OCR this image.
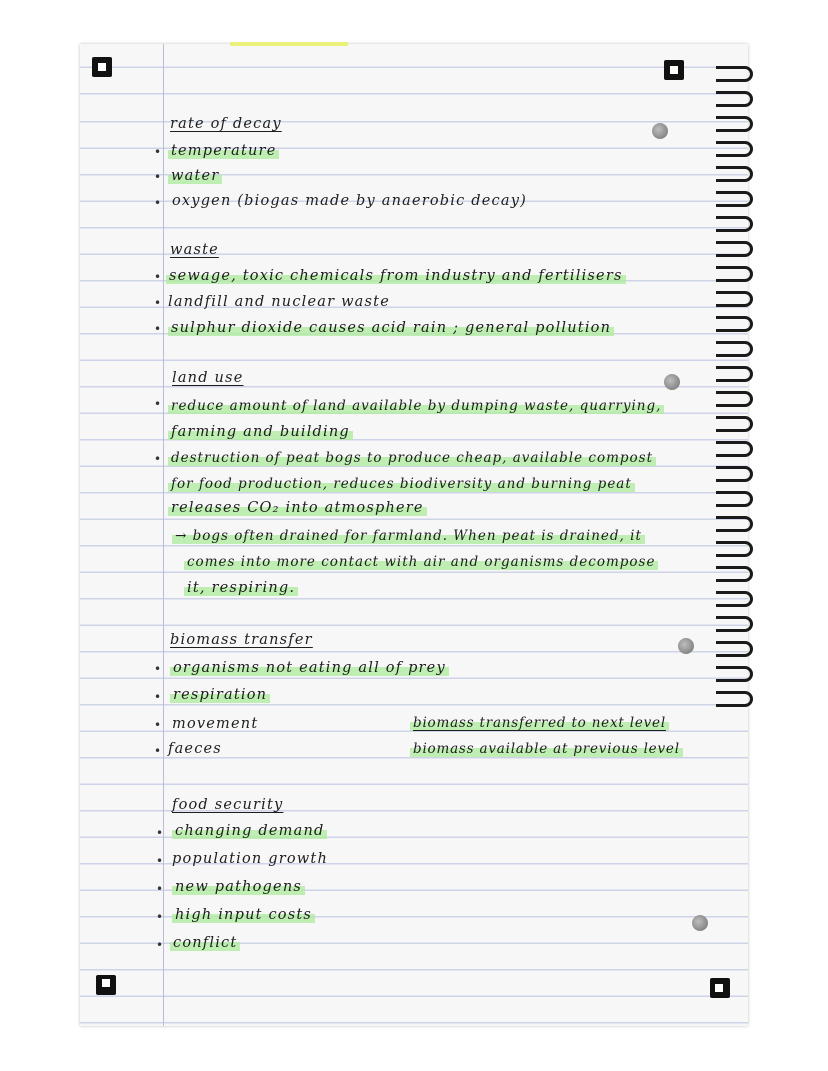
rate of decay
• temperature
• water
• oxygen (biogas made by anaerobic decay)
waste
• sewage, toxic chemicals from industry and fertilisers
• landfill and nuclear waste
• sulphur dioxide causes acid rain ; general pollution
land use
• reduce amount of land available by dumping waste, quarrying,
farming and building
• destruction of peat bogs to produce cheap, available compost
for food production, reduces biodiversity and burning peat
releases CO₂ into atmosphere
→ bogs often drained for farmland. When peat is drained, it
comes into more contact with air and organisms decompose
it, respiring.
biomass transfer
• organisms not eating all of prey
• respiration
• movement
• faeces
biomass transferred to next level
biomass available at previous level
food security
• changing demand
• population growth
• new pathogens
• high input costs
• conflict
